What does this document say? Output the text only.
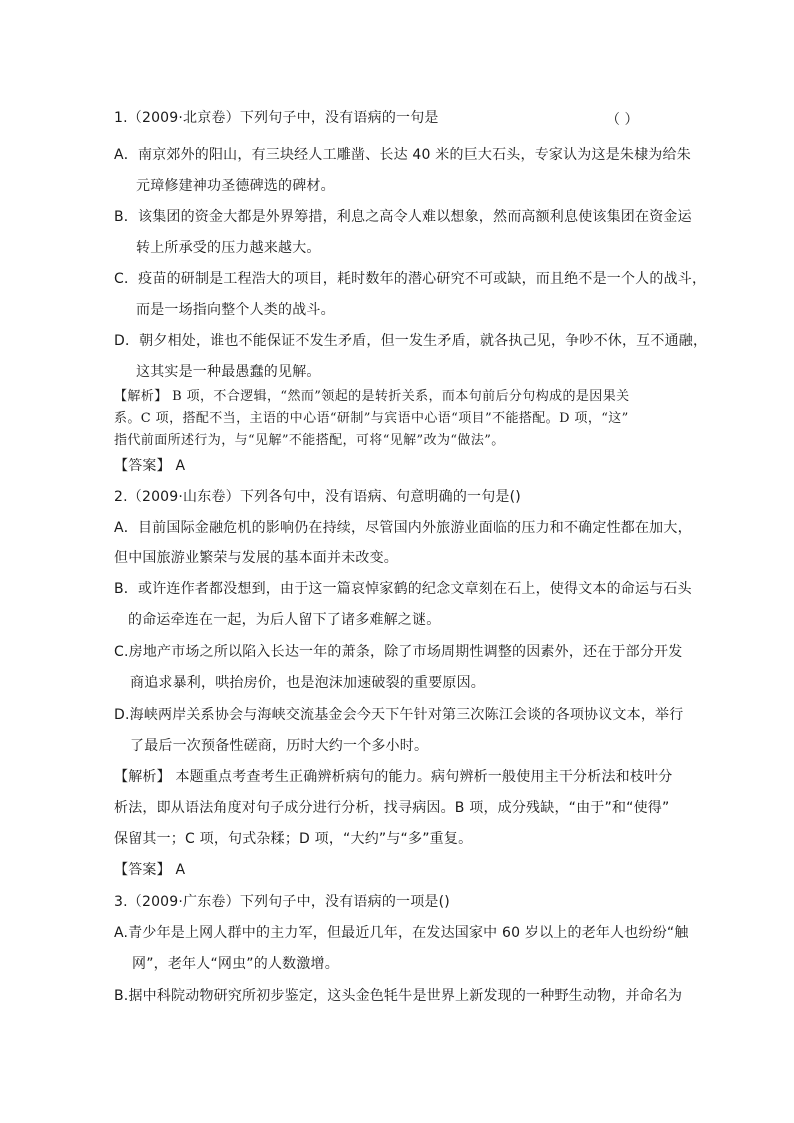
1.（2009·北京卷）下列句子中，没有语病的一句是	（ ）
A．南京郊外的阳山，有三块经人工雕凿、长达 40 米的巨大石头，专家认为这是朱棣为给朱
元璋修建神功圣德碑选的碑材。
B．该集团的资金大都是外界筹措，利息之高令人难以想象，然而高额利息使该集团在资金运
转上所承受的压力越来越大。
C．疫苗的研制是工程浩大的项目，耗时数年的潜心研究不可或缺，而且绝不是一个人的战斗，
而是一场指向整个人类的战斗。
D．朝夕相处，谁也不能保证不发生矛盾，但一发生矛盾，就各执己见，争吵不休，互不通融，
这其实是一种最愚蠢的见解。
【解析】 B 项，不合逻辑，“然而”领起的是转折关系，而本句前后分句构成的是因果关
系。C 项，搭配不当，主语的中心语“研制”与宾语中心语“项目”不能搭配。D 项，“这”
指代前面所述行为，与“见解”不能搭配，可将“见解”改为“做法”。
【答案】 A
2.（2009·山东卷）下列各句中，没有语病、句意明确的一句是()
A．目前国际金融危机的影响仍在持续，尽管国内外旅游业面临的压力和不确定性都在加大，
但中国旅游业繁荣与发展的基本面并未改变。
B．或许连作者都没想到，由于这一篇哀悼家鹤的纪念文章刻在石上，使得文本的命运与石头
的命运牵连在一起，为后人留下了诸多难解之谜。
C.房地产市场之所以陷入长达一年的萧条，除了市场周期性调整的因素外，还在于部分开发
商追求暴利，哄抬房价，也是泡沫加速破裂的重要原因。
D.海峡两岸关系协会与海峡交流基金会今天下午针对第三次陈江会谈的各项协议文本，举行
了最后一次预备性磋商，历时大约一个多小时。
【解析】 本题重点考查考生正确辨析病句的能力。病句辨析一般使用主干分析法和枝叶分
析法，即从语法角度对句子成分进行分析，找寻病因。B 项，成分残缺，“由于”和“使得”
保留其一；C 项，句式杂糅；D 项，“大约”与“多”重复。
【答案】 A
3.（2009·广东卷）下列句子中，没有语病的一项是()
A.青少年是上网人群中的主力军，但最近几年，在发达国家中 60 岁以上的老年人也纷纷“触
网”，老年人“网虫”的人数激增。
B.据中科院动物研究所初步鉴定，这头金色牦牛是世界上新发现的一种野生动物，并命名为
